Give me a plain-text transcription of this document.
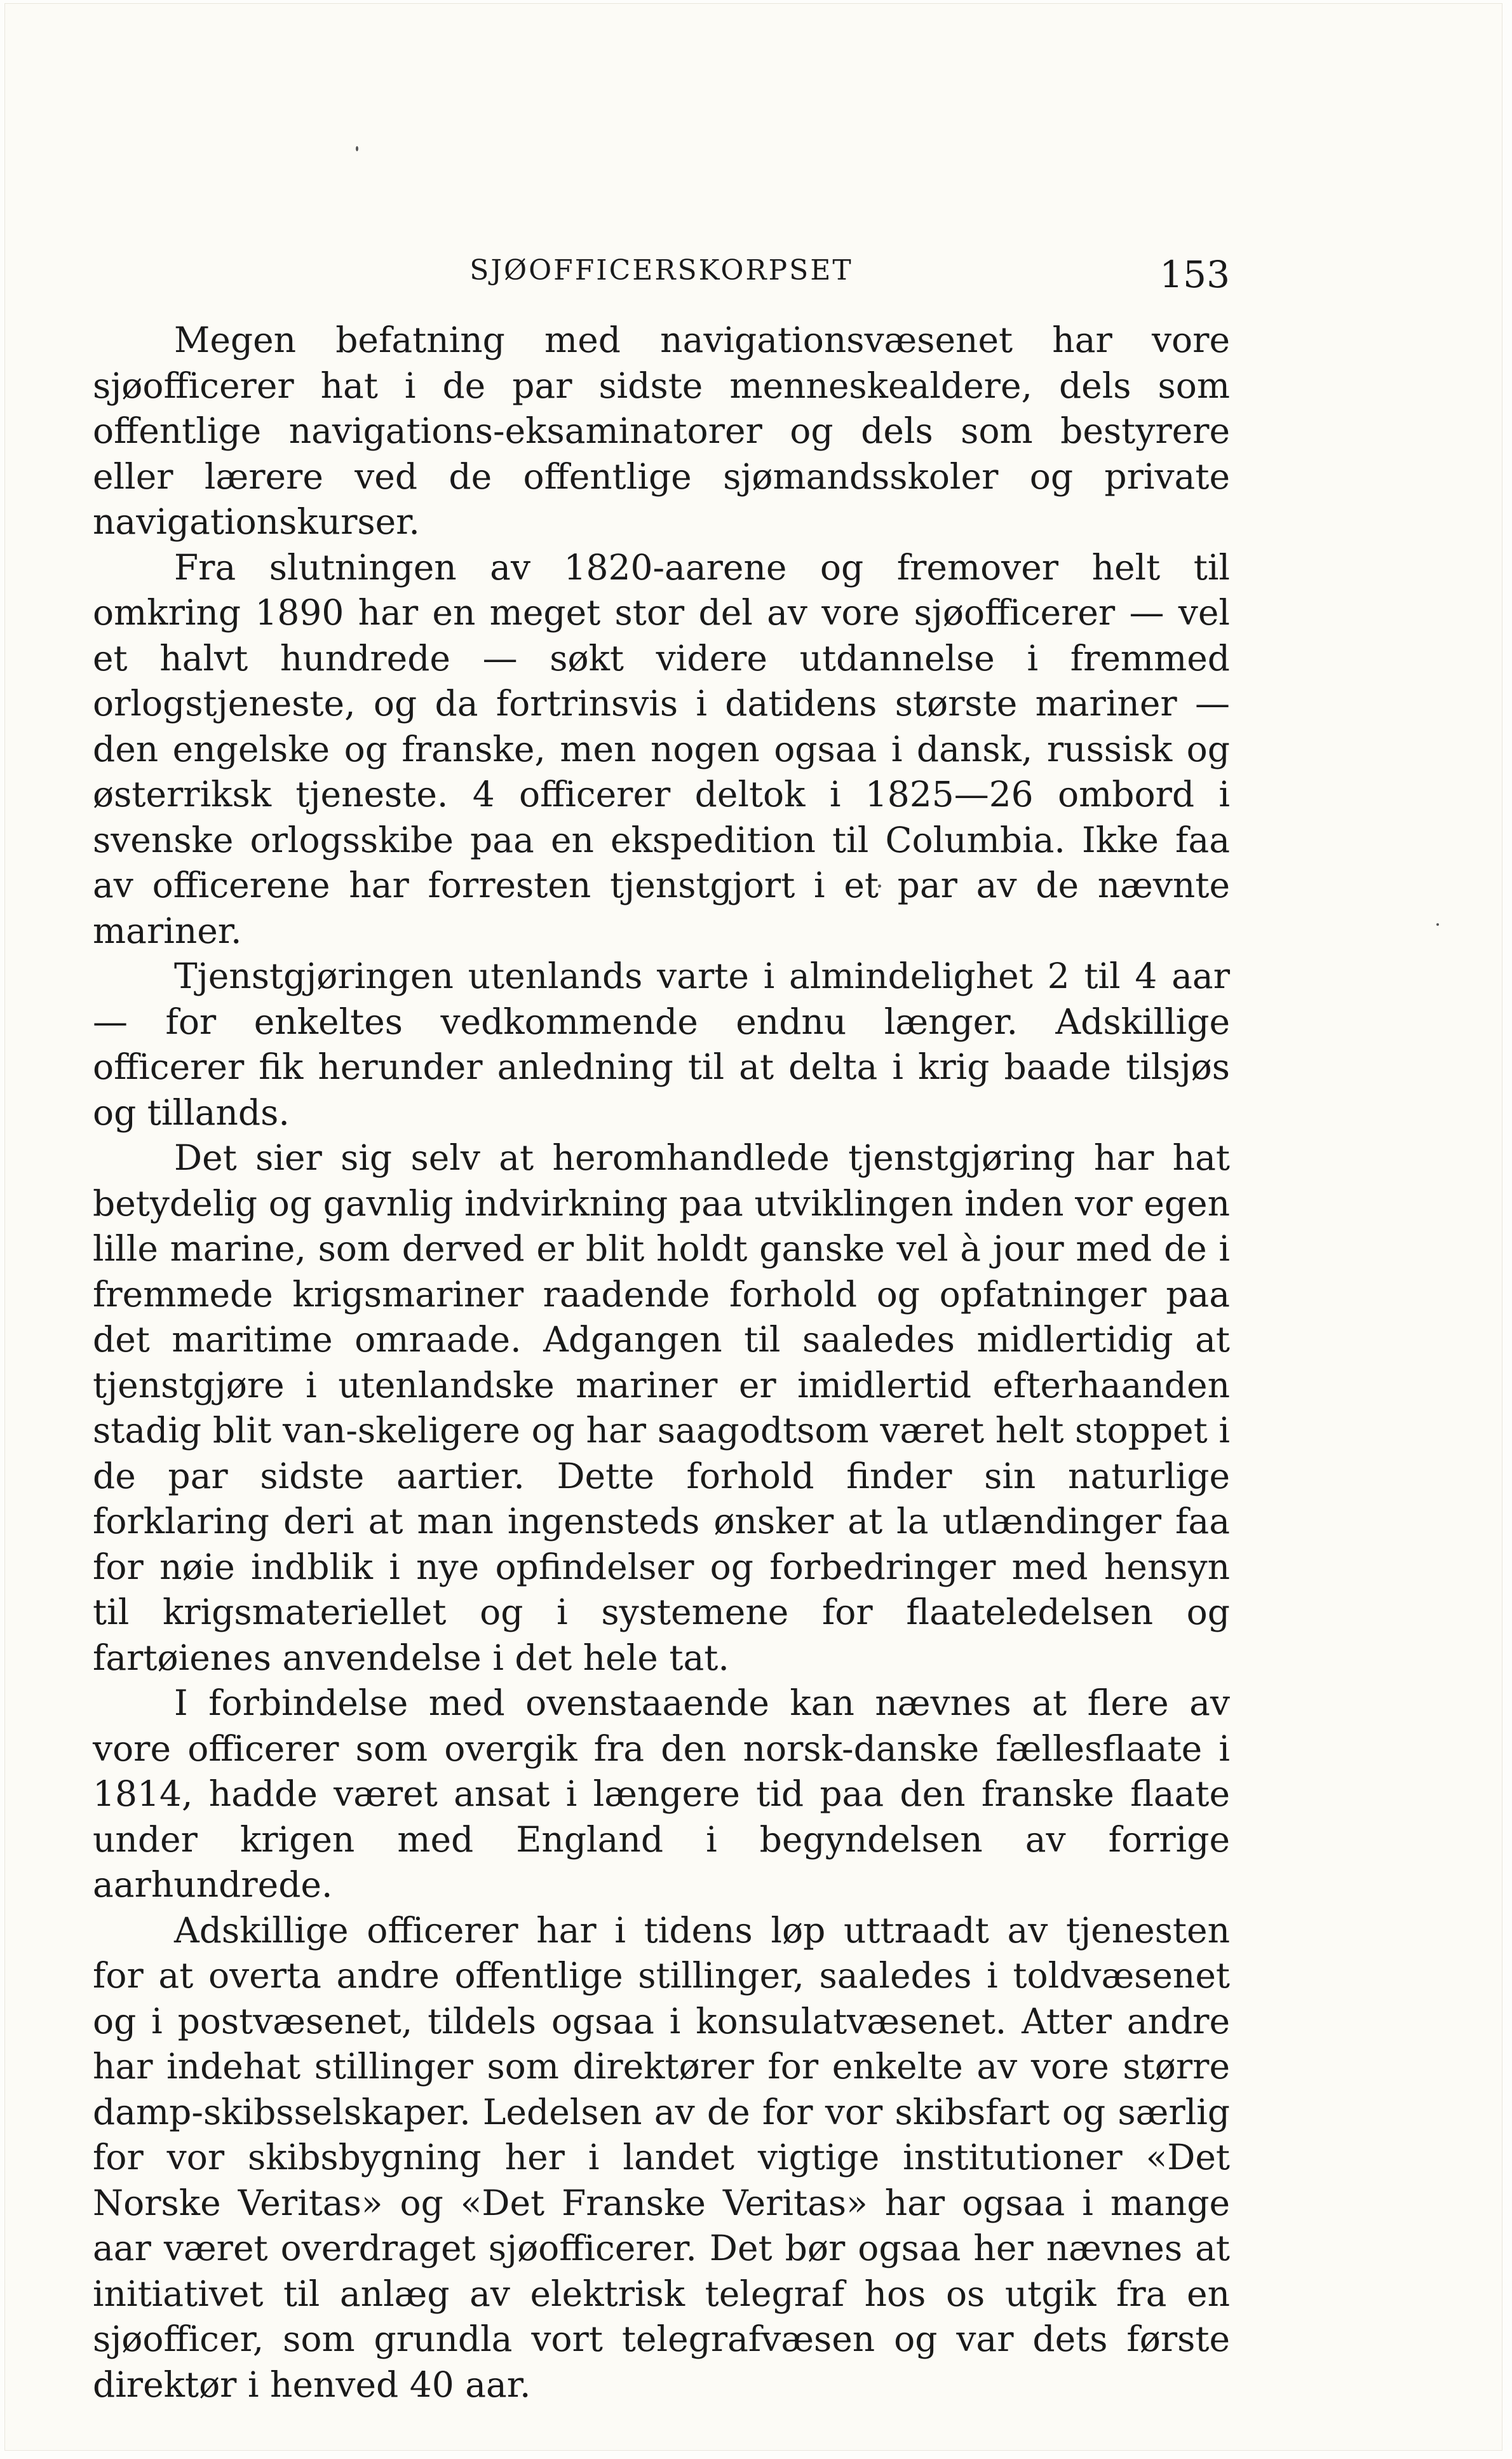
SJØOFFICERSKORPSET	153

Megen befatning med navigationsvæsenet har vore sjøofficerer hat i de par sidste menneskealdere, dels som offentlige navigations-eksaminatorer og dels som bestyrere eller lærere ved de offentlige sjømandsskoler og private navigationskurser.

Fra slutningen av 1820-aarene og fremover helt til omkring 1890 har en meget stor del av vore sjøofficerer — vel et halvt hundrede — søkt videre utdannelse i fremmed orlogstjeneste, og da fortrinsvis i datidens største mariner — den engelske og franske, men nogen ogsaa i dansk, russisk og østerriksk tjeneste. 4 officerer deltok i 1825—26 ombord i svenske orlogsskibe paa en ekspedition til Columbia. Ikke faa av officerene har forresten tjenstgjort i et par av de nævnte mariner.

Tjenstgjøringen utenlands varte i almindelighet 2 til 4 aar — for enkeltes vedkommende endnu længer. Adskillige officerer fik herunder anledning til at delta i krig baade tilsjøs og tillands.

Det sier sig selv at heromhandlede tjenstgjøring har hat betydelig og gavnlig indvirkning paa utviklingen inden vor egen lille marine, som derved er blit holdt ganske vel à jour med de i fremmede krigsmariner raadende forhold og opfatninger paa det maritime omraade. Adgangen til saaledes midlertidig at tjenstgjøre i utenlandske mariner er imidlertid efterhaanden stadig blit van-skeligere og har saagodtsom været helt stoppet i de par sidste aartier. Dette forhold finder sin naturlige forklaring deri at man ingensteds ønsker at la utlændinger faa for nøie indblik i nye opfindelser og forbedringer med hensyn til krigsmateriellet og i systemene for flaateledelsen og fartøienes anvendelse i det hele tat.

I forbindelse med ovenstaaende kan nævnes at flere av vore officerer som overgik fra den norsk-danske fællesflaate i 1814, hadde været ansat i længere tid paa den franske flaate under krigen med England i begyndelsen av forrige aarhundrede.

Adskillige officerer har i tidens løp uttraadt av tjenesten for at overta andre offentlige stillinger, saaledes i toldvæsenet og i postvæsenet, tildels ogsaa i konsulatvæsenet. Atter andre har indehat stillinger som direktører for enkelte av vore større damp-skibsselskaper. Ledelsen av de for vor skibsfart og særlig for vor skibsbygning her i landet vigtige institutioner «Det Norske Veritas» og «Det Franske Veritas» har ogsaa i mange aar været overdraget sjøofficerer. Det bør ogsaa her nævnes at initiativet til anlæg av elektrisk telegraf hos os utgik fra en sjøofficer, som grundla vort telegrafvæsen og var dets første direktør i henved 40 aar.
